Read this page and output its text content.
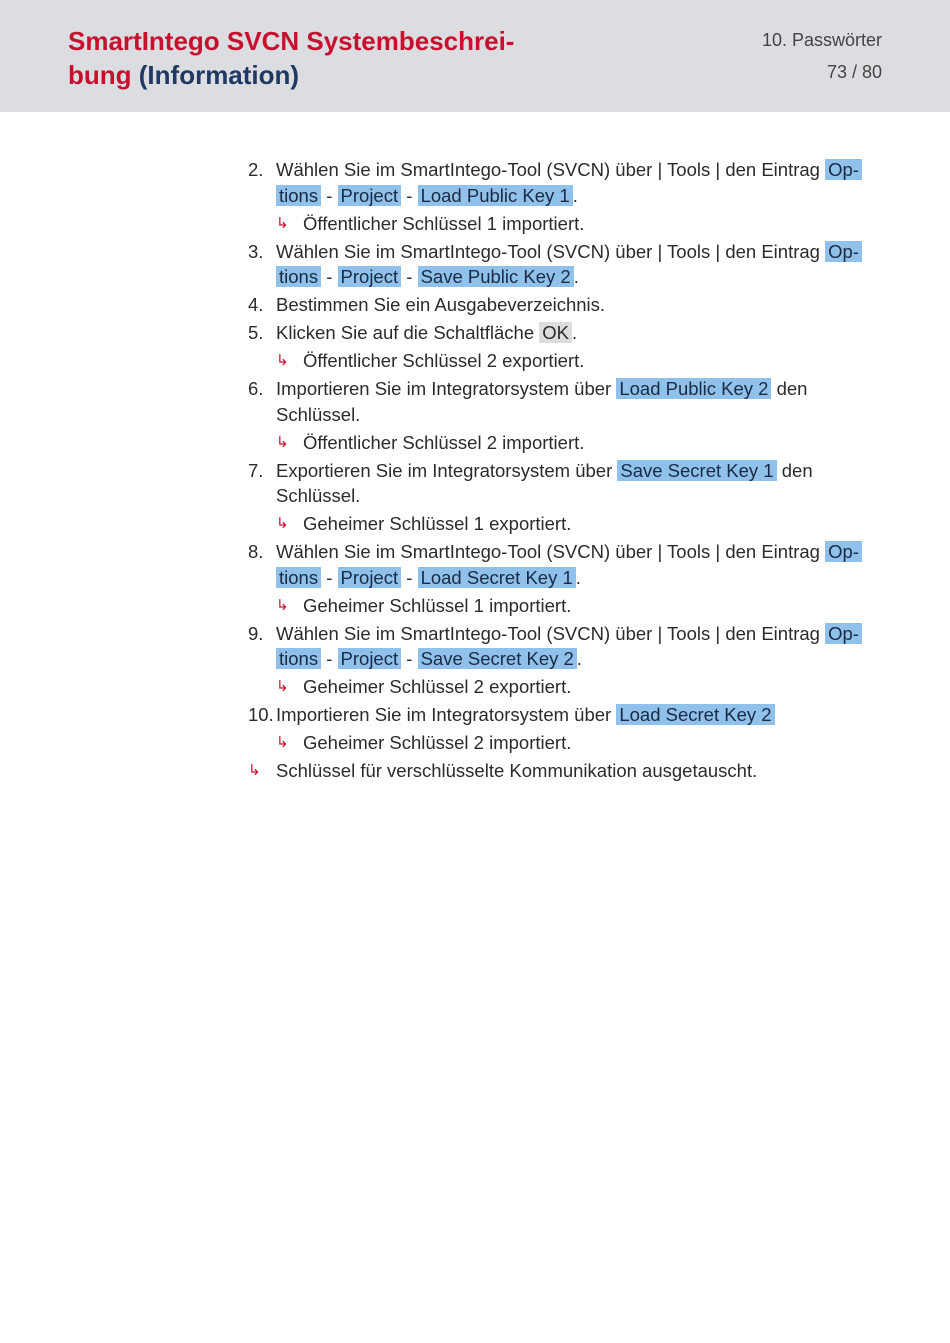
SmartIntego SVCN Systembeschrei-
bung (Information)
10. Passwörter
73 / 80
2. Wählen Sie im SmartIntego-Tool (SVCN) über | Tools | den Eintrag Op-
tions - Project - Load Public Key 1 .
↳ Öffentlicher Schlüssel 1 importiert.
3. Wählen Sie im SmartIntego-Tool (SVCN) über | Tools | den Eintrag Op-
tions - Project - Save Public Key 2 .
4. Bestimmen Sie ein Ausgabeverzeichnis.
5. Klicken Sie auf die Schaltfläche OK .
↳ Öffentlicher Schlüssel 2 exportiert.
6. Importieren Sie im Integratorsystem über Load Public Key 2 den Schlüssel.
↳ Öffentlicher Schlüssel 2 importiert.
7. Exportieren Sie im Integratorsystem über Save Secret Key 1 den Schlüssel.
↳ Geheimer Schlüssel 1 exportiert.
8. Wählen Sie im SmartIntego-Tool (SVCN) über | Tools | den Eintrag Op-
tions - Project - Load Secret Key 1 .
↳ Geheimer Schlüssel 1 importiert.
9. Wählen Sie im SmartIntego-Tool (SVCN) über | Tools | den Eintrag Op-
tions - Project - Save Secret Key 2 .
↳ Geheimer Schlüssel 2 exportiert.
10. Importieren Sie im Integratorsystem über Load Secret Key 2
↳ Geheimer Schlüssel 2 importiert.
↳ Schlüssel für verschlüsselte Kommunikation ausgetauscht.
